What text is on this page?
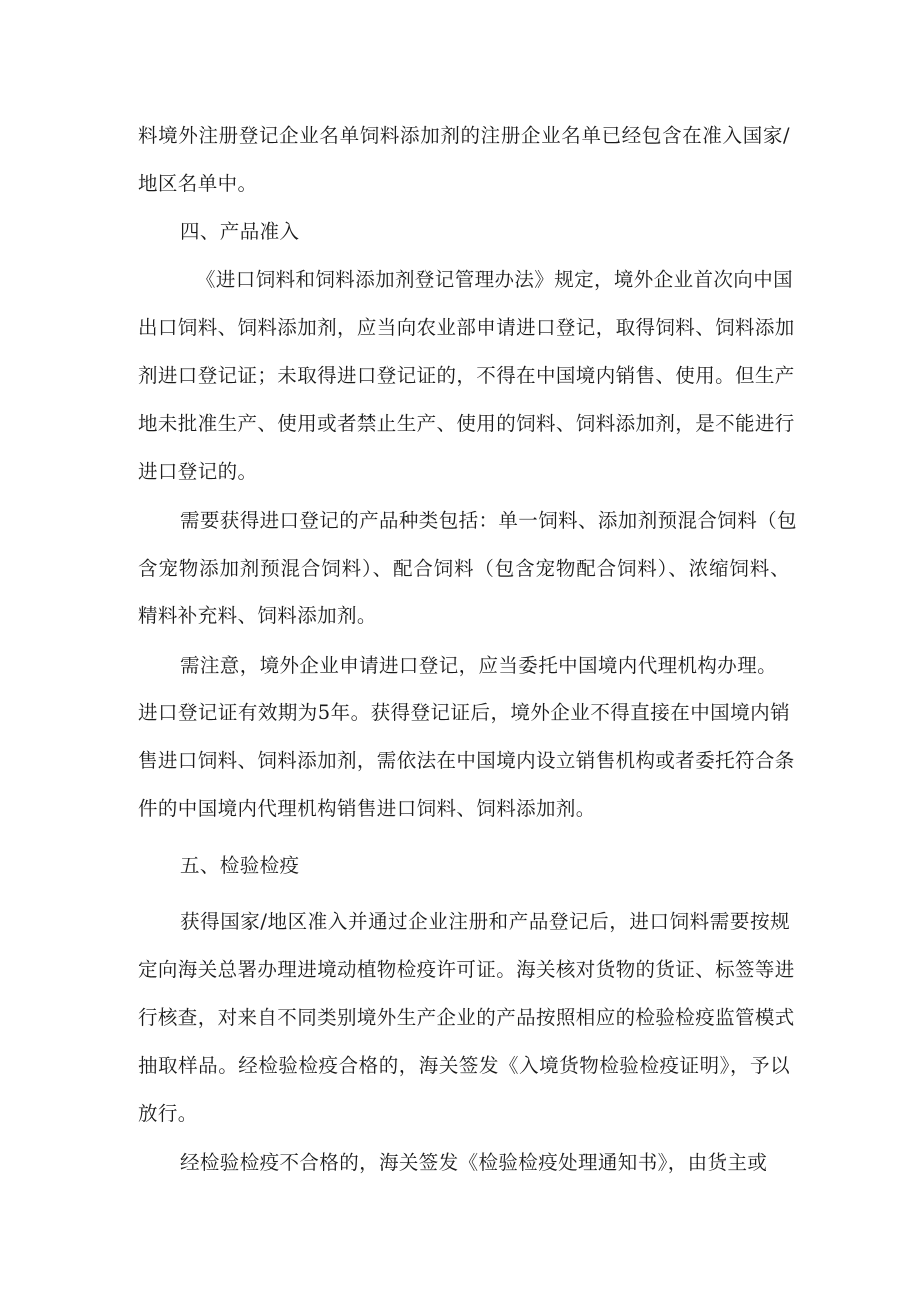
料境外注册登记企业名单饲料添加剂的注册企业名单已经包含在准入国家/
地区名单中。
四、产品准入
《进口饲料和饲料添加剂登记管理办法》规定，境外企业首次向中国
出口饲料、饲料添加剂，应当向农业部申请进口登记，取得饲料、饲料添加
剂进口登记证；未取得进口登记证的，不得在中国境内销售、使用。但生产
地未批准生产、使用或者禁止生产、使用的饲料、饲料添加剂，是不能进行
进口登记的。
需要获得进口登记的产品种类包括：单一饲料、添加剂预混合饲料（包
含宠物添加剂预混合饲料）、配合饲料（包含宠物配合饲料）、浓缩饲料、
精料补充料、饲料添加剂。
需注意，境外企业申请进口登记，应当委托中国境内代理机构办理。
进口登记证有效期为5年。获得登记证后，境外企业不得直接在中国境内销
售进口饲料、饲料添加剂，需依法在中国境内设立销售机构或者委托符合条
件的中国境内代理机构销售进口饲料、饲料添加剂。
五、检验检疫
获得国家/地区准入并通过企业注册和产品登记后，进口饲料需要按规
定向海关总署办理进境动植物检疫许可证。海关核对货物的货证、标签等进
行核查，对来自不同类别境外生产企业的产品按照相应的检验检疫监管模式
抽取样品。经检验检疫合格的，海关签发《入境货物检验检疫证明》，予以
放行。
经检验检疫不合格的，海关签发《检验检疫处理通知书》，由货主或
